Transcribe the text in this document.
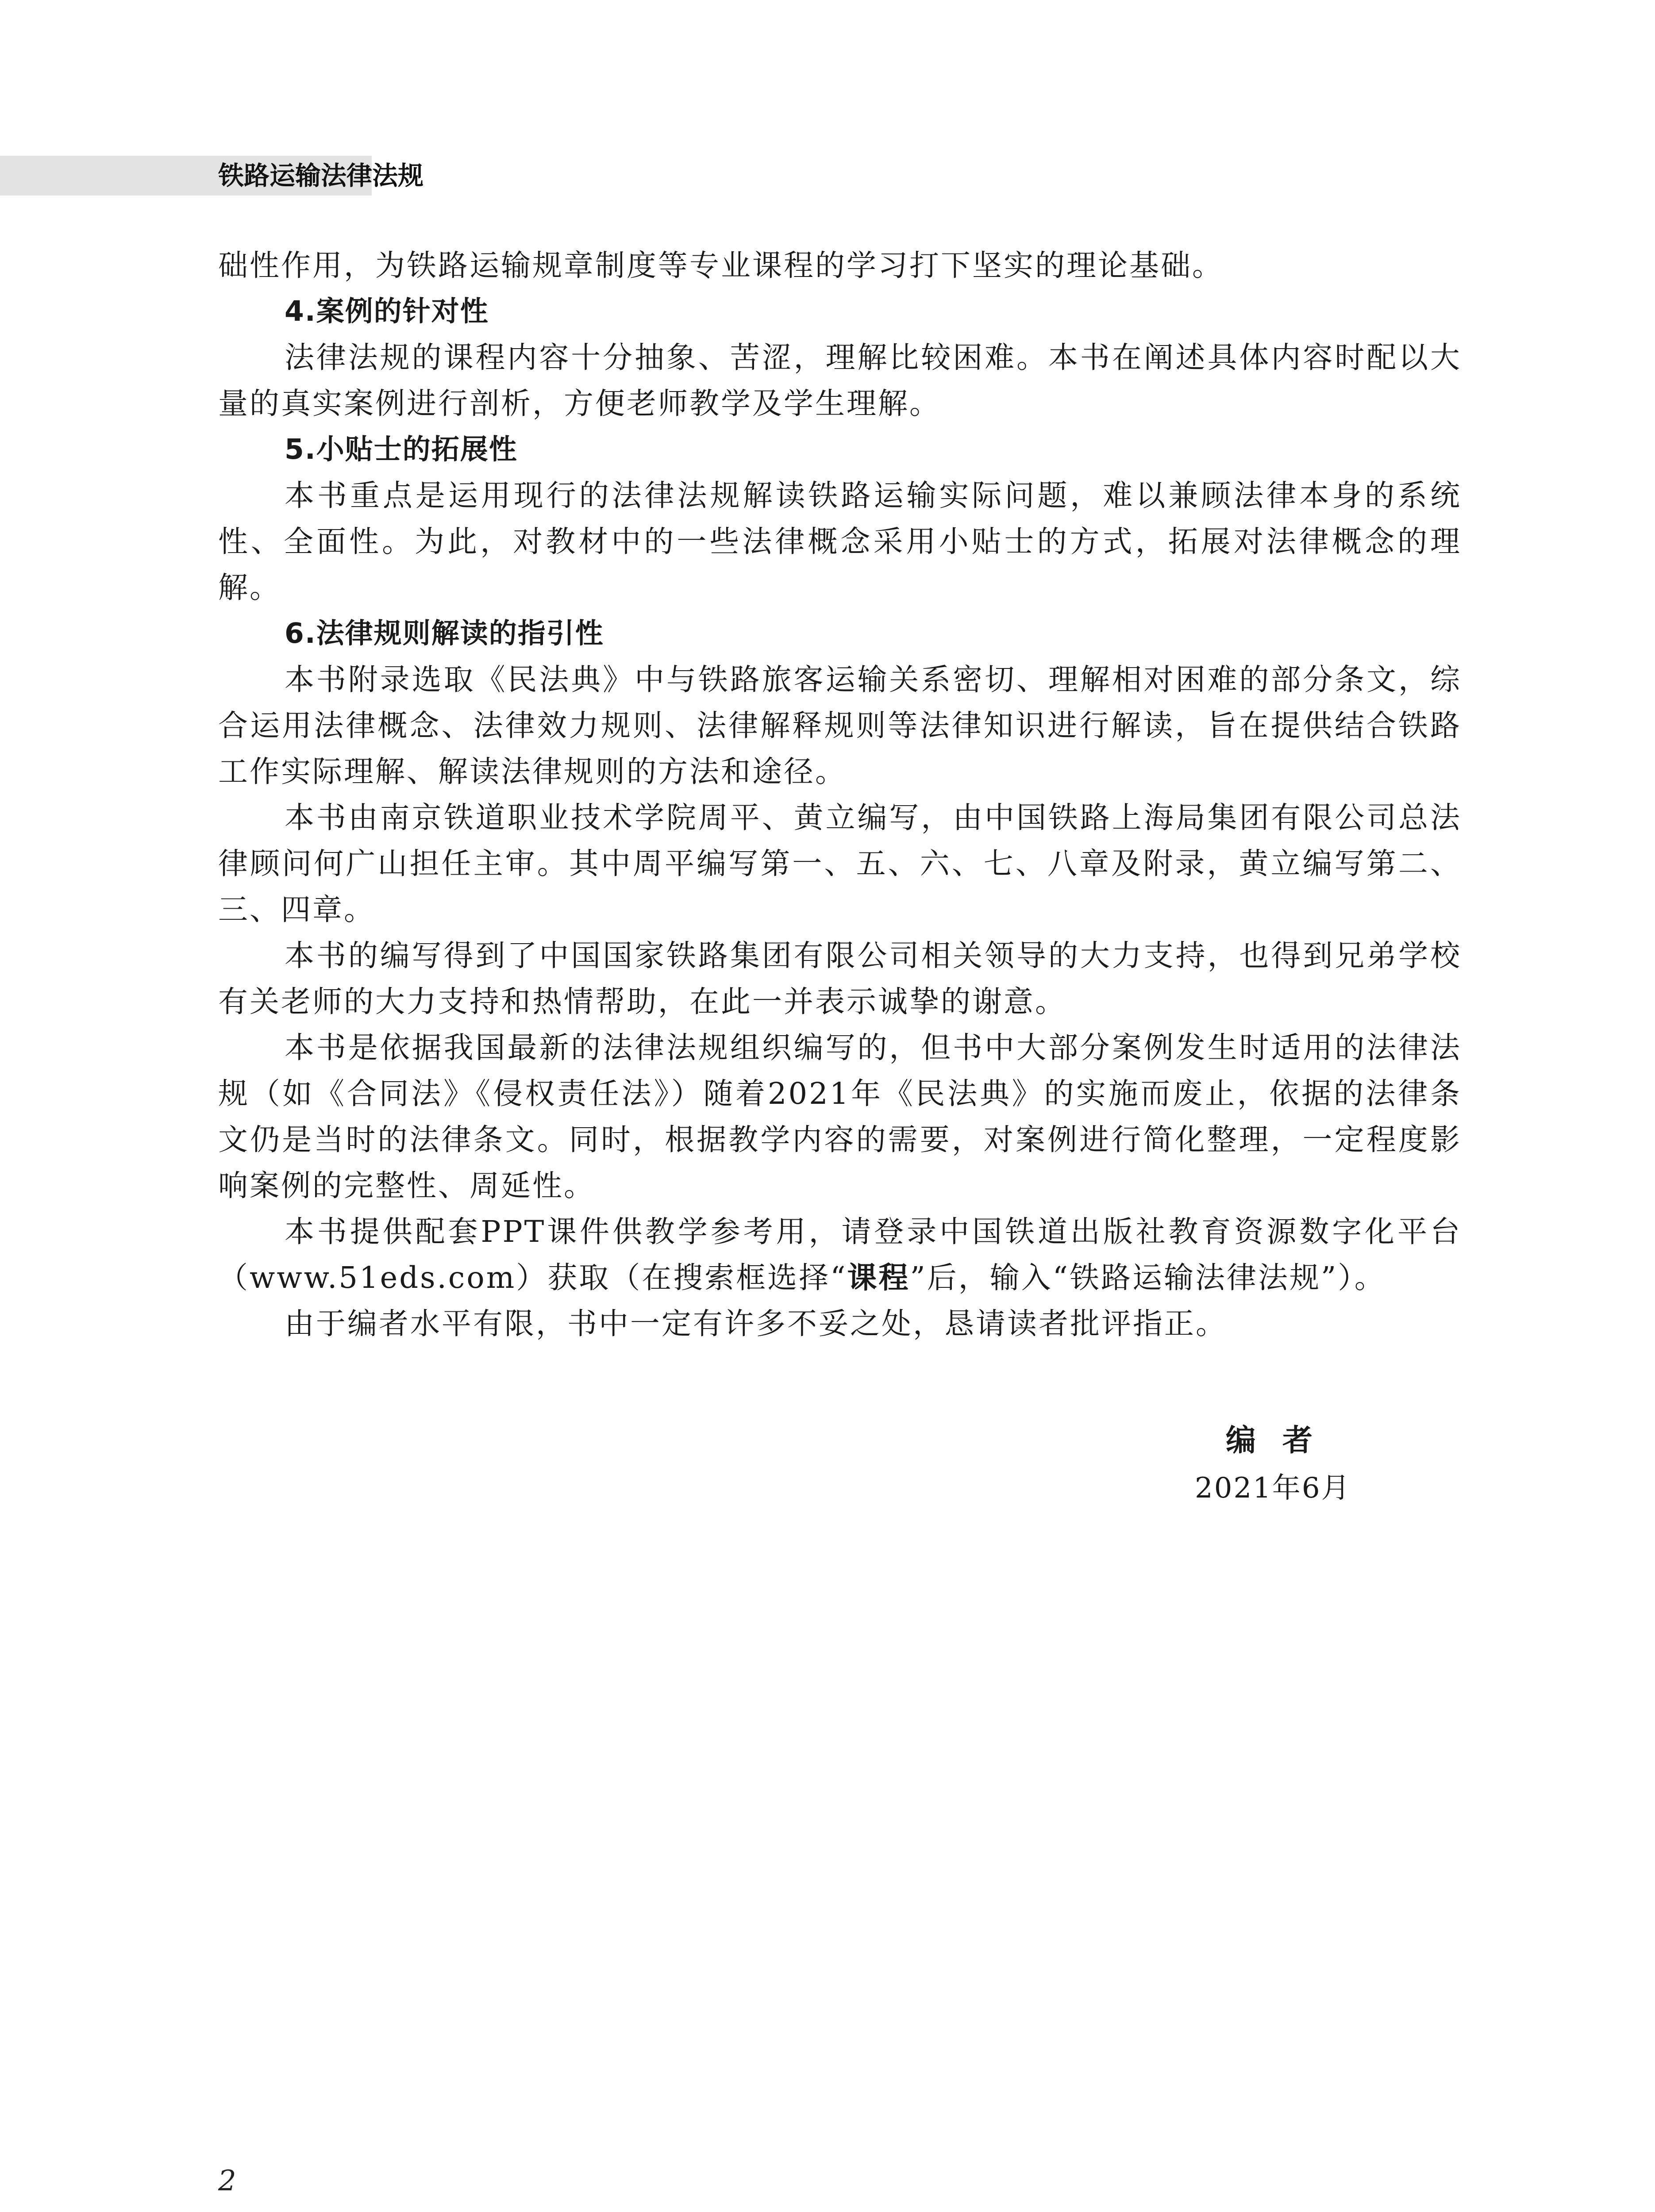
铁路运输法律法规

础性作用，为铁路运输规章制度等专业课程的学习打下坚实的理论基础。

4.案例的针对性

法律法规的课程内容十分抽象、苦涩，理解比较困难。本书在阐述具体内容时配以大量的真实案例进行剖析，方便老师教学及学生理解。

5.小贴士的拓展性

本书重点是运用现行的法律法规解读铁路运输实际问题，难以兼顾法律本身的系统性、全面性。为此，对教材中的一些法律概念采用小贴士的方式，拓展对法律概念的理解。

6.法律规则解读的指引性

本书附录选取《民法典》中与铁路旅客运输关系密切、理解相对困难的部分条文，综合运用法律概念、法律效力规则、法律解释规则等法律知识进行解读，旨在提供结合铁路工作实际理解、解读法律规则的方法和途径。

本书由南京铁道职业技术学院周平、黄立编写，由中国铁路上海局集团有限公司总法律顾问何广山担任主审。其中周平编写第一、五、六、七、八章及附录，黄立编写第二、三、四章。

本书的编写得到了中国国家铁路集团有限公司相关领导的大力支持，也得到兄弟学校有关老师的大力支持和热情帮助，在此一并表示诚挚的谢意。

本书是依据我国最新的法律法规组织编写的，但书中大部分案例发生时适用的法律法规（如《合同法》《侵权责任法》）随着2021年《民法典》的实施而废止，依据的法律条文仍是当时的法律条文。同时，根据教学内容的需要，对案例进行简化整理，一定程度影响案例的完整性、周延性。

本书提供配套PPT课件供教学参考用，请登录中国铁道出版社教育资源数字化平台（www.51eds.com）获取（在搜索框选择“课程”后，输入“铁路运输法律法规”）。

由于编者水平有限，书中一定有许多不妥之处，恳请读者批评指正。

编者
2021年6月
2
